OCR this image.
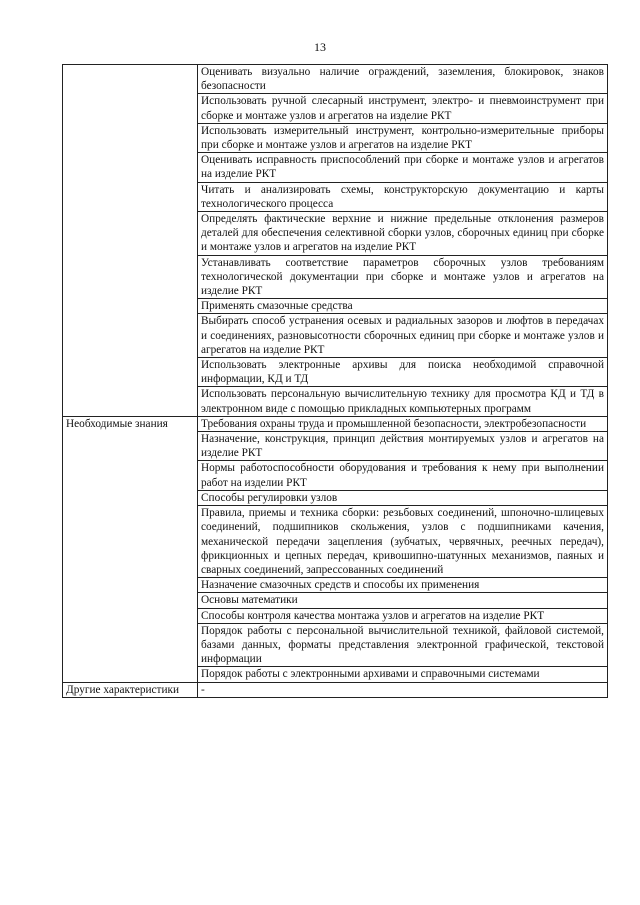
13
	Оценивать визуально наличие ограждений, заземления, блокировок, знаков безопасности
	Использовать ручной слесарный инструмент, электро- и пневмоинструмент при сборке и монтаже узлов и агрегатов на изделие РКТ
	Использовать измерительный инструмент, контрольно-измерительные приборы при сборке и монтаже узлов и агрегатов на изделие РКТ
	Оценивать исправность приспособлений при сборке и монтаже узлов и агрегатов на изделие РКТ
	Читать и анализировать схемы, конструкторскую документацию и карты технологического процесса
	Определять фактические верхние и нижние предельные отклонения размеров деталей для обеспечения селективной сборки узлов, сборочных единиц при сборке и монтаже узлов и агрегатов на изделие РКТ
	Устанавливать соответствие параметров сборочных узлов требованиям технологической документации при сборке и монтаже узлов и агрегатов на изделие РКТ
	Применять смазочные средства
	Выбирать способ устранения осевых и радиальных зазоров и люфтов в передачах и соединениях, разновысотности сборочных единиц при сборке и монтаже узлов и агрегатов на изделие РКТ
	Использовать электронные архивы для поиска необходимой справочной информации, КД и ТД
	Использовать персональную вычислительную технику для просмотра КД и ТД в электронном виде с помощью прикладных компьютерных программ
Необходимые знания	Требования охраны труда и промышленной безопасности, электробезопасности
	Назначение, конструкция, принцип действия монтируемых узлов и агрегатов на изделие РКТ
	Нормы работоспособности оборудования и требования к нему при выполнении работ на изделии РКТ
	Способы регулировки узлов
	Правила, приемы и техника сборки: резьбовых соединений, шпоночно-шлицевых соединений, подшипников скольжения, узлов с подшипниками качения, механической передачи зацепления (зубчатых, червячных, реечных передач), фрикционных и цепных передач, кривошипно-шатунных механизмов, паяных и сварных соединений, запрессованных соединений
	Назначение смазочных средств и способы их применения
	Основы математики
	Способы контроля качества монтажа узлов и агрегатов на изделие РКТ
	Порядок работы с персональной вычислительной техникой, файловой системой, базами данных, форматы представления электронной графической, текстовой информации
	Порядок работы с электронными архивами и справочными системами
Другие характеристики	-
